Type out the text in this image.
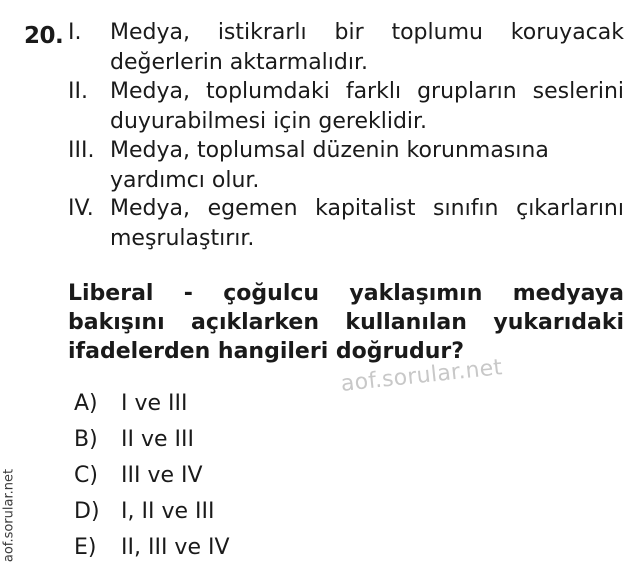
20. I. Medya, istikrarlı bir toplumu koruyacak
değerlerin aktarmalıdır.
II. Medya, toplumdaki farklı grupların seslerini
duyurabilmesi için gereklidir.
III. Medya, toplumsal düzenin korunmasına
yardımcı olur.
IV. Medya, egemen kapitalist sınıfın çıkarlarını
meşrulaştırır.
Liberal - çoğulcu yaklaşımın medyaya
bakışını açıklarken kullanılan yukarıdaki
ifadelerden hangileri doğrudur?
aof.sorular.net
aof.sorular.net
A)	I ve III
B)	II ve III
C)	III ve IV
D) I, II ve III
E)	II, III ve IV
